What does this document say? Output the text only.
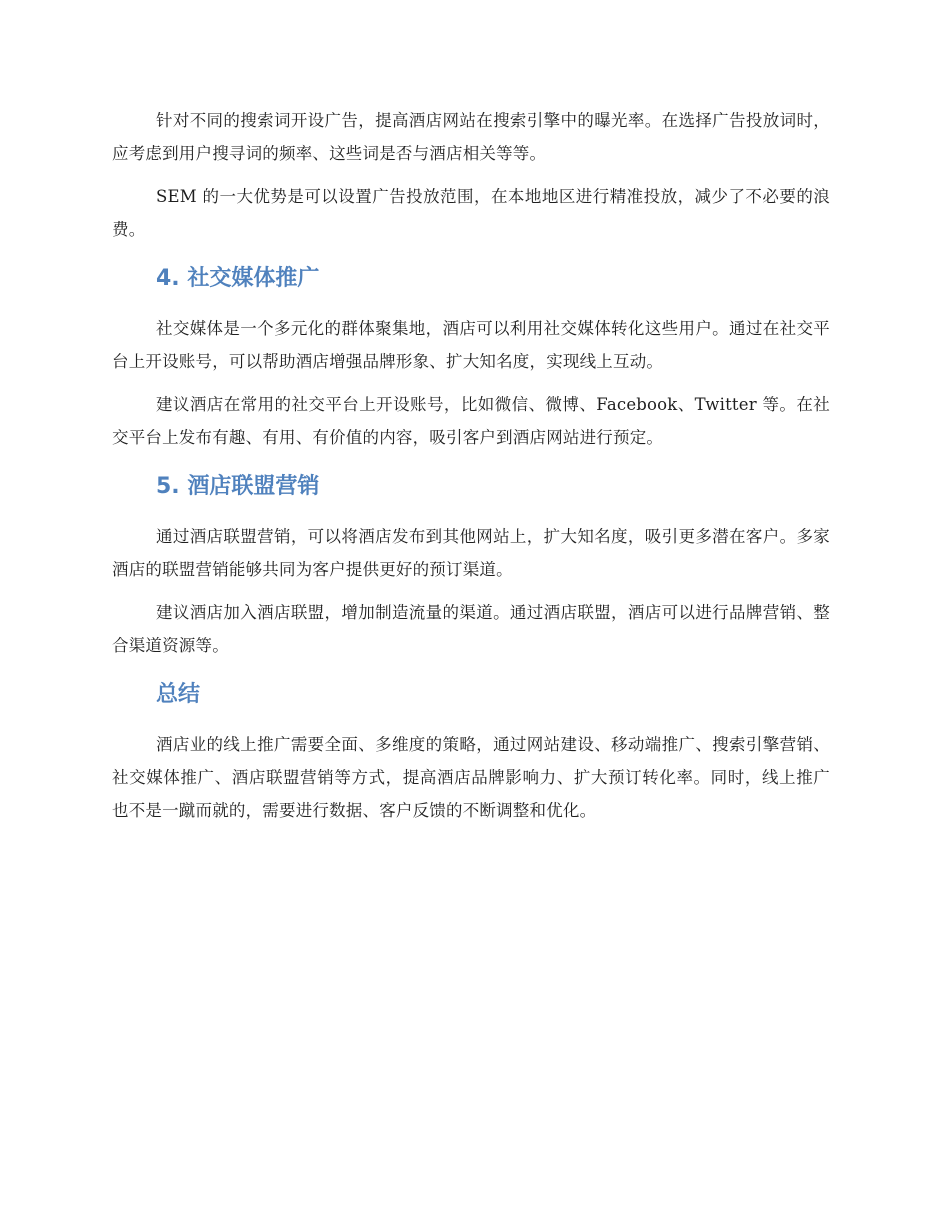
针对不同的搜索词开设广告，提高酒店网站在搜索引擎中的曝光率。在选择广告投放词时，应考虑到用户搜寻词的频率、这些词是否与酒店相关等等。

SEM 的一大优势是可以设置广告投放范围，在本地地区进行精准投放，减少了不必要的浪费。

4. 社交媒体推广

社交媒体是一个多元化的群体聚集地，酒店可以利用社交媒体转化这些用户。通过在社交平台上开设账号，可以帮助酒店增强品牌形象、扩大知名度，实现线上互动。

建议酒店在常用的社交平台上开设账号，比如微信、微博、Facebook、Twitter 等。在社交平台上发布有趣、有用、有价值的内容，吸引客户到酒店网站进行预定。

5. 酒店联盟营销

通过酒店联盟营销，可以将酒店发布到其他网站上，扩大知名度，吸引更多潜在客户。多家酒店的联盟营销能够共同为客户提供更好的预订渠道。

建议酒店加入酒店联盟，增加制造流量的渠道。通过酒店联盟，酒店可以进行品牌营销、整合渠道资源等。

总结

酒店业的线上推广需要全面、多维度的策略，通过网站建设、移动端推广、搜索引擎营销、社交媒体推广、酒店联盟营销等方式，提高酒店品牌影响力、扩大预订转化率。同时，线上推广也不是一蹴而就的，需要进行数据、客户反馈的不断调整和优化。
